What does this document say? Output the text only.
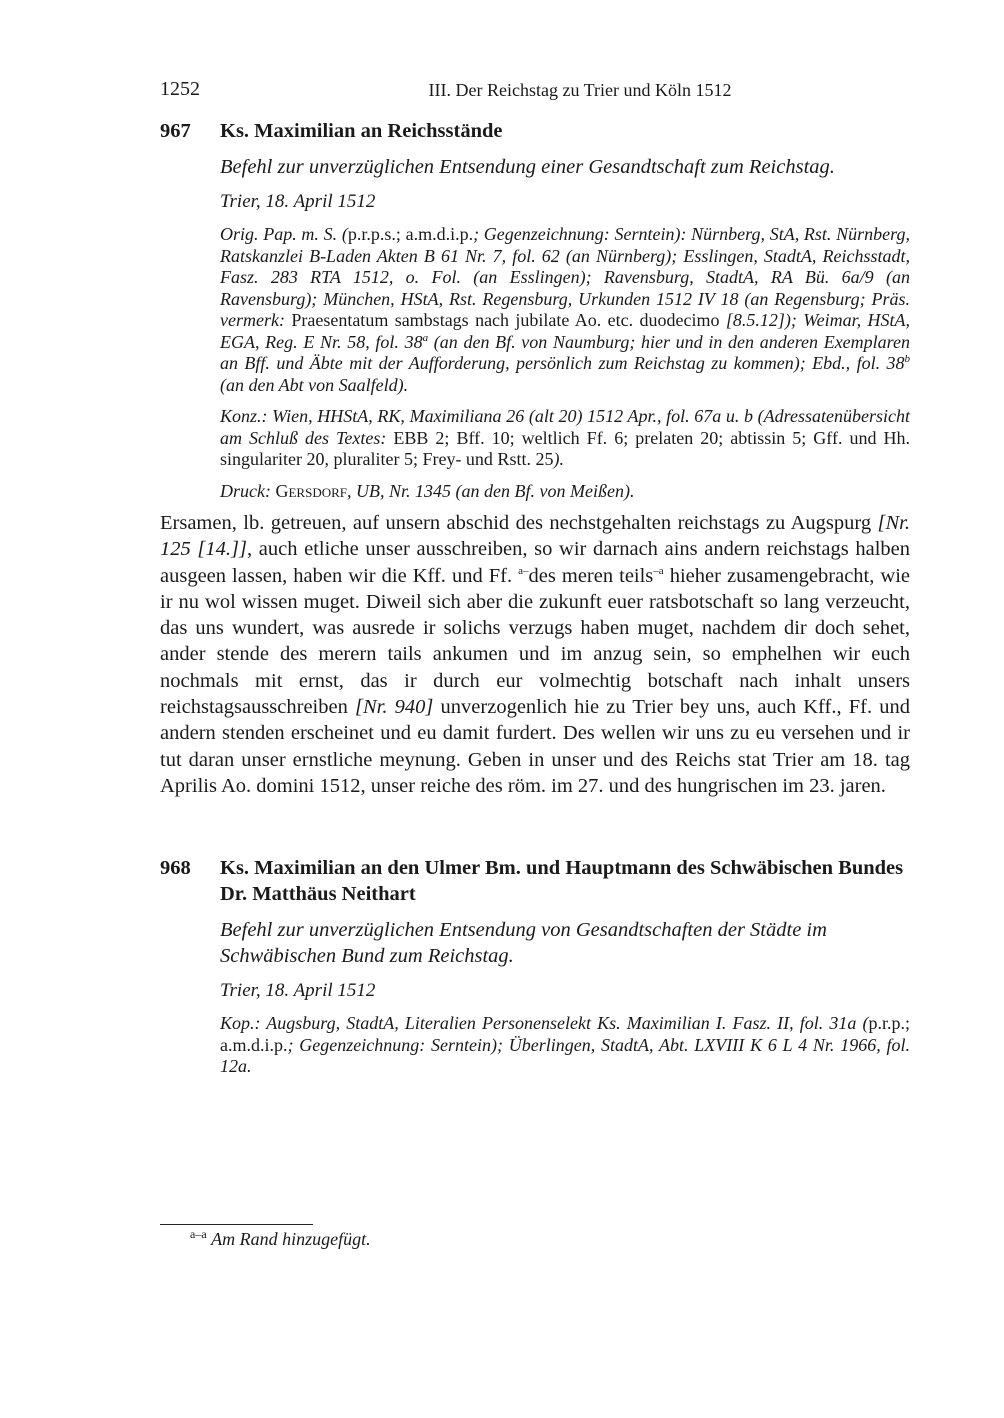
1252	III. Der Reichstag zu Trier und Köln 1512
967	Ks. Maximilian an Reichsstände
Befehl zur unverzüglichen Entsendung einer Gesandtschaft zum Reichstag.
Trier, 18. April 1512
Orig. Pap. m. S. (p.r.p.s.; a.m.d.i.p.; Gegenzeichnung: Serntein): Nürnberg, StA, Rst. Nürnberg, Ratskanzlei B-Laden Akten B 61 Nr. 7, fol. 62 (an Nürnberg); Esslingen, StadtA, Reichsstadt, Fasz. 283 RTA 1512, o. Fol. (an Esslingen); Ravensburg, StadtA, RA Bü. 6a/9 (an Ravensburg); München, HStA, Rst. Regensburg, Urkunden 1512 IV 18 (an Regensburg; Präs. vermerk: Praesentatum sambstags nach jubilate Ao. etc. duodecimo [8.5.12]); Weimar, HStA, EGA, Reg. E Nr. 58, fol. 38$^a$ (an den Bf. von Naumburg; hier und in den anderen Exemplaren an Bff. und Äbte mit der Aufforderung, persönlich zum Reichstag zu kommen); Ebd., fol. 38$^b$ (an den Abt von Saalfeld).
Konz.: Wien, HHStA, RK, Maximiliana 26 (alt 20) 1512 Apr., fol. 67a u. b (Adressatenübersicht am Schluß des Textes: EBB 2; Bff. 10; weltlich Ff. 6; prelaten 20; abtissin 5; Gff. und Hh. singulariter 20, pluraliter 5; Frey- und Rstt. 25).
Druck: Gersdorf, UB, Nr. 1345 (an den Bf. von Meißen).
Ersamen, lb. getreuen, auf unsern abschid des nechstgehalten reichstags zu Augspurg [Nr. 125 [14.]], auch etliche unser ausschreiben, so wir darnach ains andern reichstags halben ausgeen lassen, haben wir die Kff. und Ff. $^{a-}$des meren teils$^{-a}$ hieher zusamengebracht, wie ir nu wol wissen muget. Diweil sich aber die zukunft euer ratsbotschaft so lang verzeucht, das uns wundert, was ausrede ir solichs verzugs haben muget, nachdem dir doch sehet, ander stende des merern tails ankumen und im anzug sein, so emphelhen wir euch nochmals mit ernst, das ir durch eur volmechtig botschaft nach inhalt unsers reichstagsausschreiben [Nr. 940] unverzogenlich hie zu Trier bey uns, auch Kff., Ff. und andern stenden erscheinet und eu damit furdert. Des wellen wir uns zu eu versehen und ir tut daran unser ernstliche meynung. Geben in unser und des Reichs stat Trier am 18. tag Aprilis Ao. domini 1512, unser reiche des röm. im 27. und des hungrischen im 23. jaren.
968	Ks. Maximilian an den Ulmer Bm. und Hauptmann des Schwäbischen Bundes Dr. Matthäus Neithart
Befehl zur unverzüglichen Entsendung von Gesandtschaften der Städte im Schwäbischen Bund zum Reichstag.
Trier, 18. April 1512
Kop.: Augsburg, StadtA, Literalien Personenselekt Ks. Maximilian I. Fasz. II, fol. 31a (p.r.p.; a.m.d.i.p.; Gegenzeichnung: Serntein); Überlingen, StadtA, Abt. LXVIII K 6 L 4 Nr. 1966, fol. 12a.
$^{a-a}$ Am Rand hinzugefügt.
